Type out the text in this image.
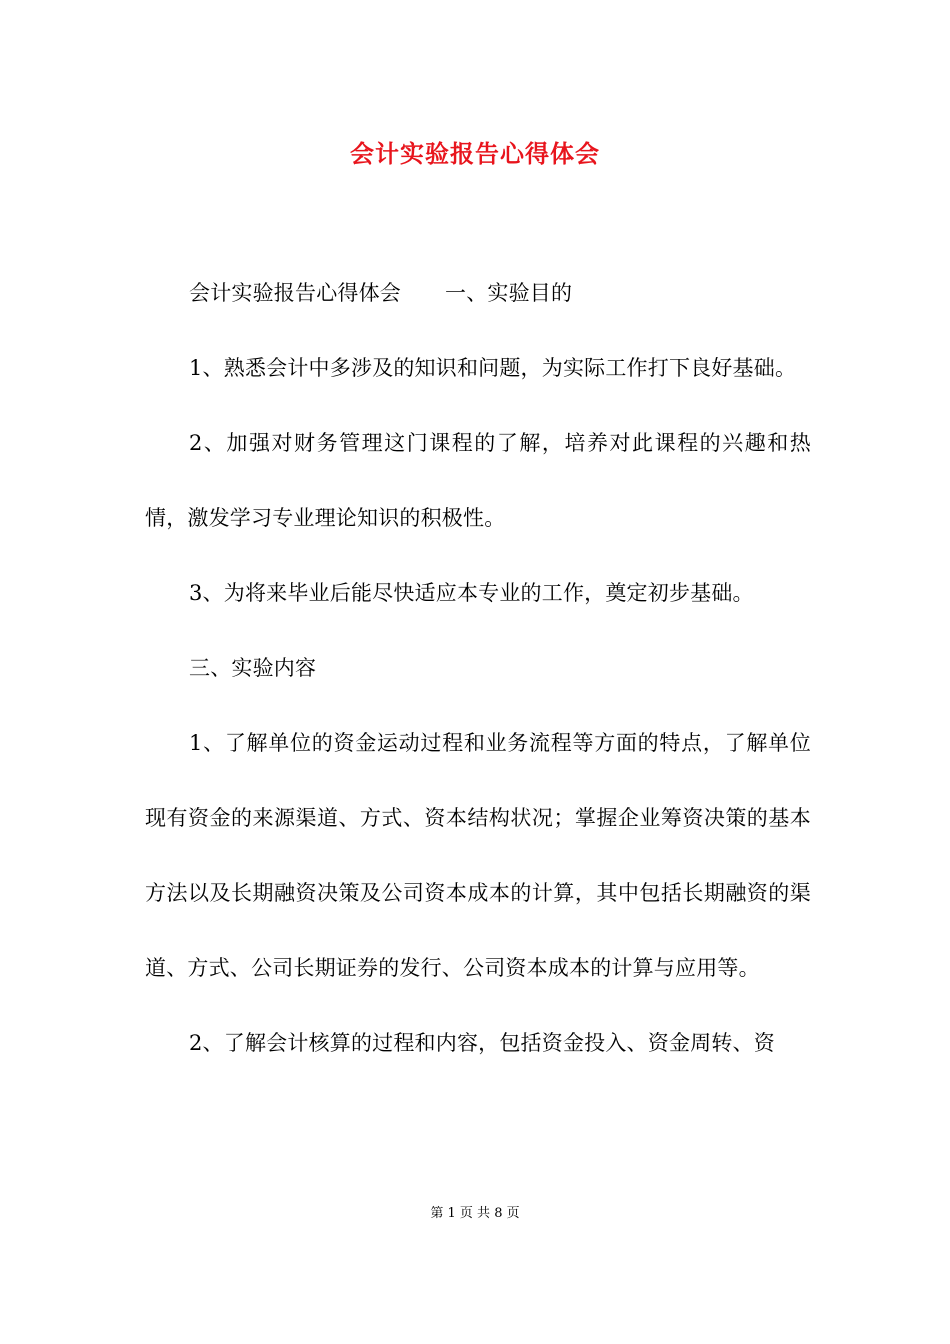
会计实验报告心得体会

会计实验报告心得体会 一、实验目的

1、熟悉会计中多涉及的知识和问题，为实际工作打下良好基础。

2、加强对财务管理这门课程的了解，培养对此课程的兴趣和热情，激发学习专业理论知识的积极性。

3、为将来毕业后能尽快适应本专业的工作，奠定初步基础。

三、实验内容

1、了解单位的资金运动过程和业务流程等方面的特点，了解单位现有资金的来源渠道、方式、资本结构状况；掌握企业筹资决策的基本方法以及长期融资决策及公司资本成本的计算，其中包括长期融资的渠道、方式、公司长期证券的发行、公司资本成本的计算与应用等。

2、了解会计核算的过程和内容，包括资金投入、资金周转、资

第 1 页 共 8 页
